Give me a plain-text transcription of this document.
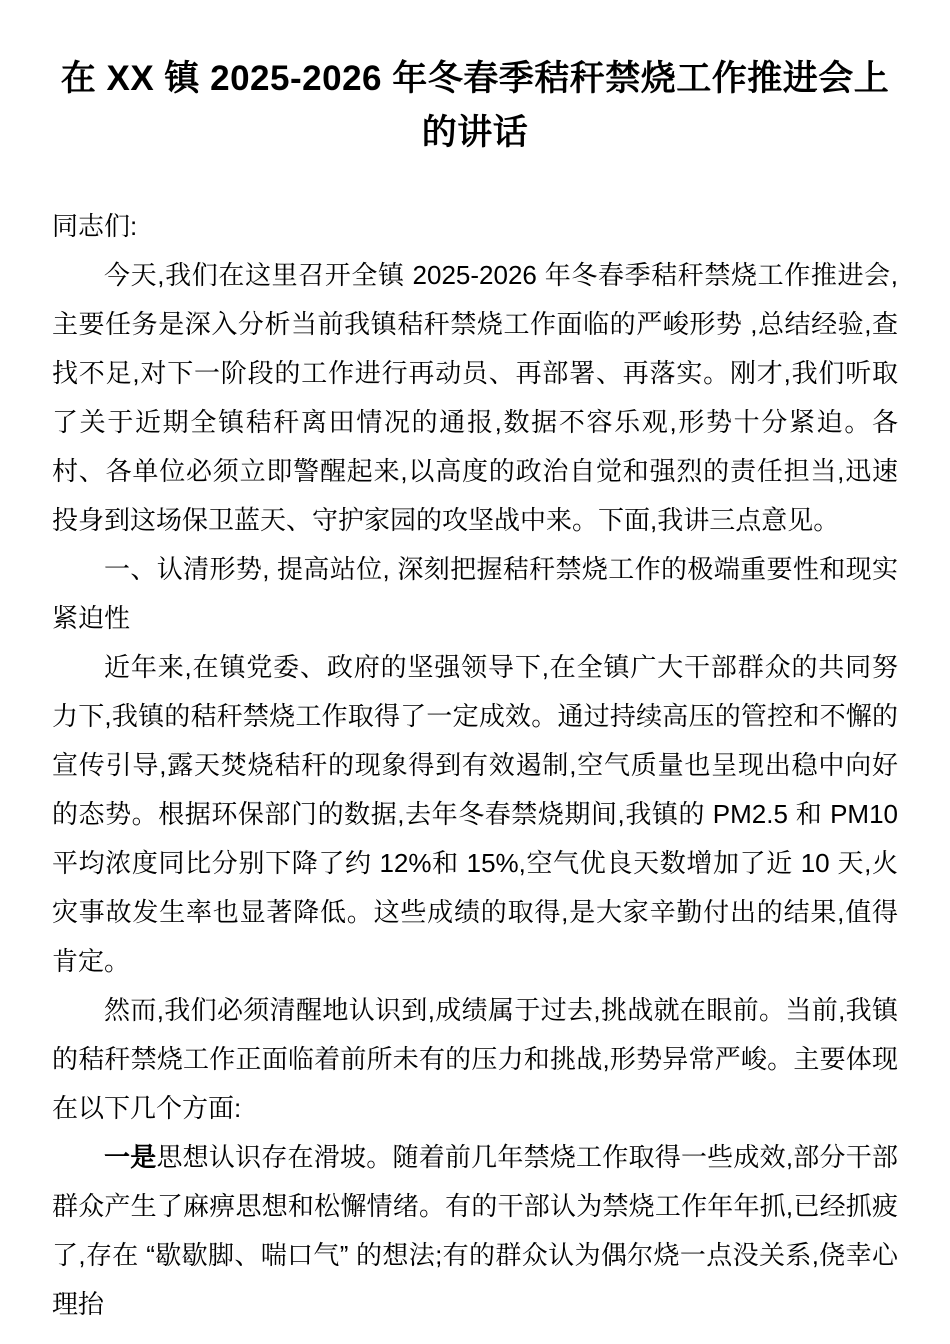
在 XX 镇 2025-2026 年冬春季秸秆禁烧工作推进会上的讲话

同志们:

今天,我们在这里召开全镇 2025-2026 年冬春季秸秆禁烧工作推进会,主要任务是深入分析当前我镇秸秆禁烧工作面临的严峻形势 ,总结经验,查找不足,对下一阶段的工作进行再动员、再部署、再落实。刚才,我们听取了关于近期全镇秸秆离田情况的通报,数据不容乐观,形势十分紧迫。各村、各单位必须立即警醒起来,以高度的政治自觉和强烈的责任担当,迅速投身到这场保卫蓝天、守护家园的攻坚战中来。下面,我讲三点意见。

一、认清形势, 提高站位, 深刻把握秸秆禁烧工作的极端重要性和现实紧迫性

近年来,在镇党委、政府的坚强领导下,在全镇广大干部群众的共同努力下,我镇的秸秆禁烧工作取得了一定成效。通过持续高压的管控和不懈的宣传引导,露天焚烧秸秆的现象得到有效遏制,空气质量也呈现出稳中向好的态势。根据环保部门的数据,去年冬春禁烧期间,我镇的 PM2.5 和 PM10 平均浓度同比分别下降了约 12%和 15%,空气优良天数增加了近 10 天,火灾事故发生率也显著降低。这些成绩的取得,是大家辛勤付出的结果,值得肯定。

然而,我们必须清醒地认识到,成绩属于过去,挑战就在眼前。当前,我镇的秸秆禁烧工作正面临着前所未有的压力和挑战,形势异常严峻。主要体现在以下几个方面:

一是思想认识存在滑坡。随着前几年禁烧工作取得一些成效,部分干部群众产生了麻痹思想和松懈情绪。有的干部认为禁烧工作年年抓,已经抓疲了,存在 “歇歇脚、喘口气” 的想法;有的群众认为偶尔烧一点没关系,侥幸心理抬
